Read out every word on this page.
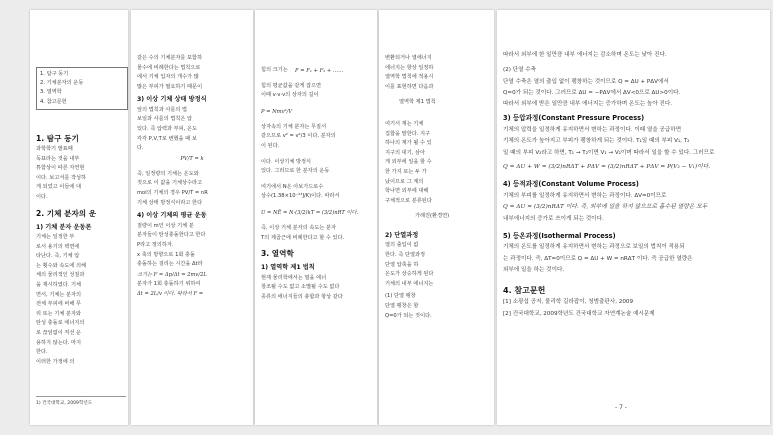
1. 탐구 동기
2. 기체분자의 운동
3. 열역학
4. 참고문헌
1. 탐구 동기
과학학기 발표때
독표라는 것을 내부
튜함상이 따른 자연현
이다. 보고서를 작성하
게 되었고 이들에 대
이다.
2. 기체 분자의 운
1) 기체 분자 운동론
기체는 일정한 부
로서 용기의 벽면에
타난다. 즉, 기체 압
는 횟수와 속도에 의해
체의 물리적인 성질과
을 제시하였다. 기체
면서, 기체는 분자의
전체 부피에 비해 무
리 또는 기체 분자와
탄성 충돌로 에너지의
로 끊임없이 직선 운
용하지 않는다. 마지
한다.
이러한 가정에 의
1) 건국대학교, 2009학년도
같은 수의 기체분자를 포함하
물수에 비례한다는 법칙으로
에서 기체 입자의 개수가 많
많은 부피가 필요하기 때문이
3) 이상 기체 상태 방정식
앞의 법칙과 사를의 법
보일과 사를의 법칙은 압
있다. 즉 압력과 부피, 온도
각각 P,V,T로 변했을 때 보
다.
PV/T = k
즉, 일정량의 기체는 온도와
것으로 이 값을 기체상수라고
mol의 기체의 경우 PV/T = nR
기체 상태 방정식이라고 한다
4) 이상 기체의 평균 운동
질량이 m인 이상 기체 분
분자들이 탄성충돌한다고 한다
P라고 정의하자.
x 축의 방향으로 1회 충돌
충돌하는 걸리는 시간을 Δt라
크기는 F = Δp/Δt = 2mv/2L
분자가 1회 충돌하기 위하여
Δt = 2L/v 이다. 따라서 F =
힘의 크기는	F = F₁ + F₂ + ……
힘의 평균값을 같게 잡으면
이때 v·v·v의 상자의 길이
P = Nmv²/V
상자속의 기체 분자는 무질서
같으므로 v² = v²/3 이다. 분자의
이 된다.
이다. 이상기체 방정식
있다. 그러므로 한 분자의 운동
여기에서 N은 아보가드로수
상수(1.38×10⁻²³J/K)이다. 따라서
U = NĒ = N·(3/2)kT = (3/2)nRT 이다.
즉, 이상 기체 분자의 속도는 분자
T의 제곱근에 비례한다고 할 수 있다.
3. 열역학
1) 열역학 제1 법칙
현재 물리학에서는 열을 에너
창조될 수도 없고 소멸될 수도 없다
종류의 에너지들의 총합과 항상 같다
변환되거나 열에너지
에너지는 항상 일정하
열역학 법칙에 적용시
이를 표현하면 다음과
열역학 제1 법칙
여기서 계는 기체
집합을 말한다. 지구
하나의 계가 될 수 있
지구의 대기, 삼아
게 외부에 일을 할 수
한 가지 또는 두 가
났이므로 그 계의
학나면 외부에 대해
구체적으로 분류된다
가례진(환경연)
2) 단열과정
열의 출입이 없
한다. 즉 단열과정
단열 압축을 하
온도가 상승하게 된다
기체의 내부 에너지는
(1) 단열 팽창
단열 팽창은 할
Q=0가 되는 것이다.
따라서 외부에 한 일만큼 내부 에너지는 감소하며 온도는 낮아 진다.
(2) 단열 수축
단열 수축은 열의 출입 없이 팽창하는 것이므로 Q = ΔU + PΔV에서
Q=0가 되는 것이다. 그러므로 ΔU = −PΔV에서 ΔV<0으로 ΔU>0이다.
따라서 외부에 받은 일만큼 내부 에너지는 증가하며 온도는 높아 진다.
3) 등압과정(Constant Pressure Process)
기체의 압력을 일정하게 유지하면서 변하는 과정이다. 이때 열을 공급하면
기체의 온도가 높아지고 부피가 팽창하게 되는 것이다. T₁일 때의 부피 V₁, T₂
일 때의 부피 V₂라고 하면, T₁ → T₂이면 V₁ → V₂이며 따라서 일을 할 수 있다. 그러므로
Q = ΔU + W = (3/2)nRΔT + PΔV = (3/2)nRΔT + PΔV = P(V₂ − V₁)이다.
4) 등적과정(Constant Volume Process)
기체의 부피를 일정하게 유지하면서 변하는 과정이다. ΔV=0이므로
Q = ΔU = (3/2)nRΔT 이다. 즉, 외부에 일을 하지 않으므로 흡수된 열량은 모두
내부에너지의 증가로 쓰이게 되는 것이다.
5) 등온과정(Isothermal Process)
기체의 온도를 일정하게 유지하면서 변하는 과정으로 보일의 법칙이 적용되
는 과정이다. 즉, ΔT=0이므로 Q = ΔU + W = nRΔT 이다. 즉 공급한 열량은
외부에 일을 하는 것이다.
4. 참고문헌
[1] 소광섭 공저, 물리학 길라잡이, 청범출판사, 2009
[2] 건국대학교, 2009학년도 건국대학교 자연계논술 예시문제
- 7 -
